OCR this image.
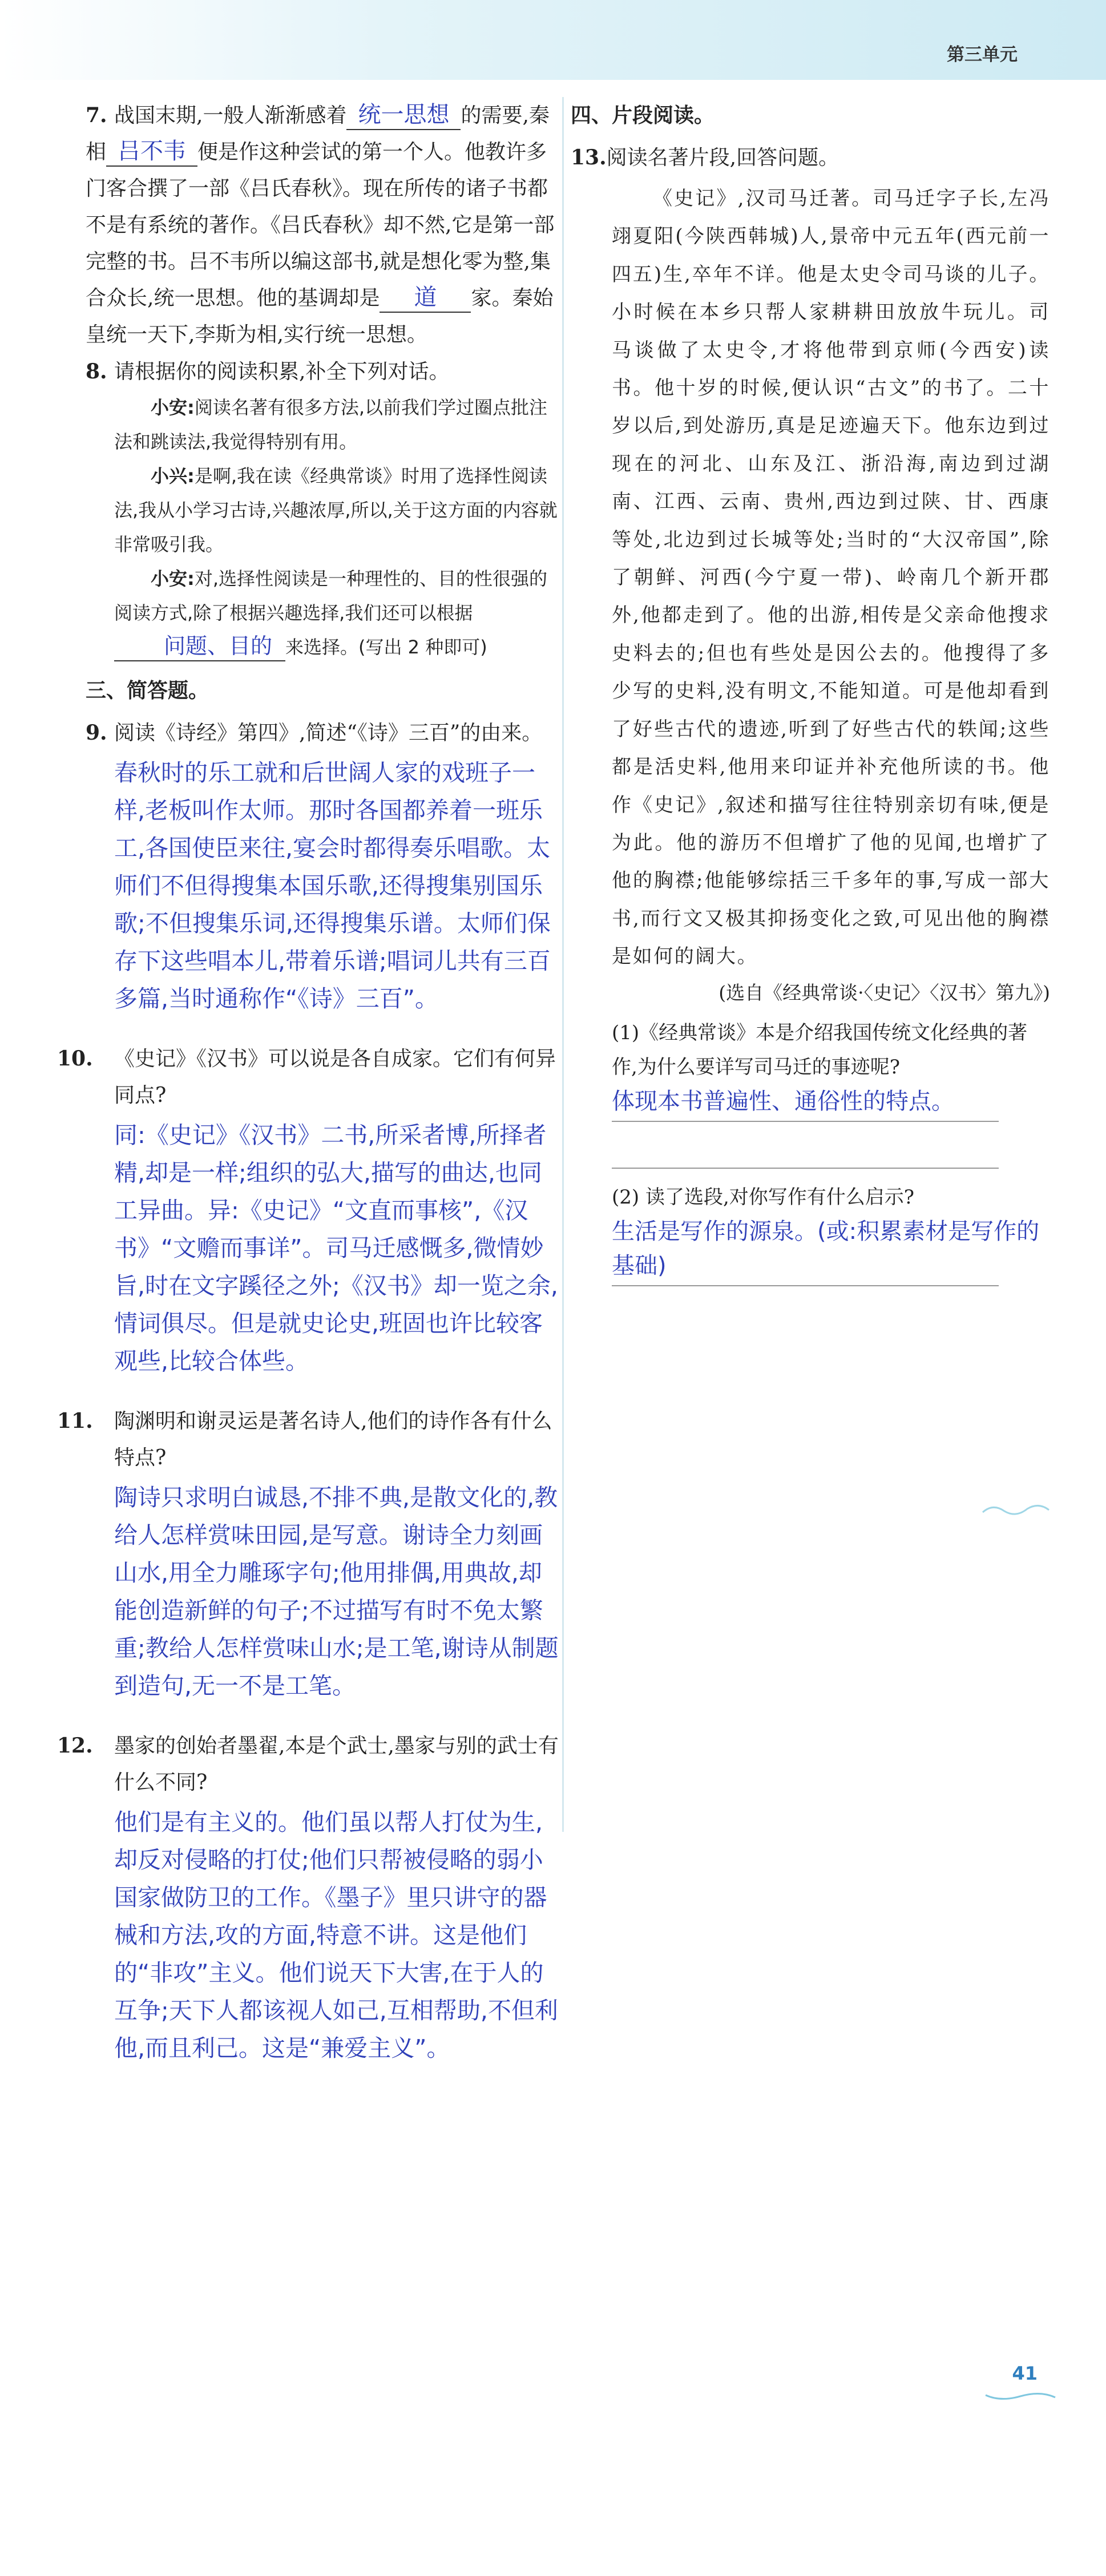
第三单元
7. 战国末期,一般人渐渐感着 统一思想 的需要,秦相 吕不韦 便是作这种尝试的第一个人。他教许多门客合撰了一部《吕氏春秋》。现在所传的诸子书都不是有系统的著作。《吕氏春秋》却不然,它是第一部完整的书。吕不韦所以编这部书,就是想化零为整,集合众长,统一思想。他的基调却是 道 家。秦始皇统一天下,李斯为相,实行统一思想。
8. 请根据你的阅读积累,补全下列对话。
小安:阅读名著有很多方法,以前我们学过圈点批注法和跳读法,我觉得特别有用。
小兴:是啊,我在读《经典常谈》时用了选择性阅读法,我从小学习古诗,兴趣浓厚,所以,关于这方面的内容就非常吸引我。
小安:对,选择性阅读是一种理性的、目的性很强的阅读方式,除了根据兴趣选择,我们还可以根据问题、目的 来选择。(写出 2 种即可)
三、简答题。
9. 阅读《诗经》第四》,简述“《诗》三百”的由来。
春秋时的乐工就和后世阔人家的戏班子一样,老板叫作太师。那时各国都养着一班乐工,各国使臣来往,宴会时都得奏乐唱歌。太师们不但得搜集本国乐歌,还得搜集别国乐歌;不但搜集乐词,还得搜集乐谱。太师们保存下这些唱本儿,带着乐谱;唱词儿共有三百多篇,当时通称作“《诗》三百”。
10. 《史记》《汉书》可以说是各自成家。它们有何异同点?
同:《史记》《汉书》二书,所采者博,所择者精,却是一样;组织的弘大,描写的曲达,也同工异曲。异:《史记》“文直而事核”,《汉书》“文赡而事详”。司马迁感慨多,微情妙旨,时在文字蹊径之外;《汉书》却一览之余,情词俱尽。但是就史论史,班固也许比较客观些,比较合体些。
11. 陶渊明和谢灵运是著名诗人,他们的诗作各有什么特点?
陶诗只求明白诚恳,不排不典,是散文化的,教给人怎样赏味田园,是写意。谢诗全力刻画山水,用全力雕琢字句;他用排偶,用典故,却能创造新鲜的句子;不过描写有时不免太繁重;教给人怎样赏味山水;是工笔,谢诗从制题到造句,无一不是工笔。
12. 墨家的创始者墨翟,本是个武士,墨家与别的武士有什么不同?
他们是有主义的。他们虽以帮人打仗为生,却反对侵略的打仗;他们只帮被侵略的弱小国家做防卫的工作。《墨子》里只讲守的器械和方法,攻的方面,特意不讲。这是他们的“非攻”主义。他们说天下大害,在于人的互争;天下人都该视人如己,互相帮助,不但利他,而且利己。这是“兼爱主义”。
四、片段阅读。
13.阅读名著片段,回答问题。
《史记》,汉司马迁著。司马迁字子长,左冯翊夏阳(今陕西韩城)人,景帝中元五年(西元前一四五)生,卒年不详。他是太史令司马谈的儿子。小时候在本乡只帮人家耕耕田放放牛玩儿。司马谈做了太史令,才将他带到京师(今西安)读书。他十岁的时候,便认识“古文”的书了。二十岁以后,到处游历,真是足迹遍天下。他东边到过现在的河北、山东及江、浙沿海,南边到过湖南、江西、云南、贵州,西边到过陕、甘、西康等处,北边到过长城等处;当时的“大汉帝国”,除了朝鲜、河西(今宁夏一带)、岭南几个新开郡外,他都走到了。他的出游,相传是父亲命他搜求史料去的;但也有些处是因公去的。他搜得了多少写的史料,没有明文,不能知道。可是他却看到了好些古代的遗迹,听到了好些古代的轶闻;这些都是活史料,他用来印证并补充他所读的书。他作《史记》,叙述和描写往往特别亲切有味,便是为此。他的游历不但增扩了他的见闻,也增扩了他的胸襟;他能够综括三千多年的事,写成一部大书,而行文又极其抑扬变化之致,可见出他的胸襟是如何的阔大。
(选自《经典常谈·〈史记〉〈汉书〉第九》)
(1)《经典常谈》本是介绍我国传统文化经典的著作,为什么要详写司马迁的事迹呢?
体现本书普遍性、通俗性的特点。
(2) 读了选段,对你写作有什么启示?
生活是写作的源泉。(或:积累素材是写作的基础)
41
